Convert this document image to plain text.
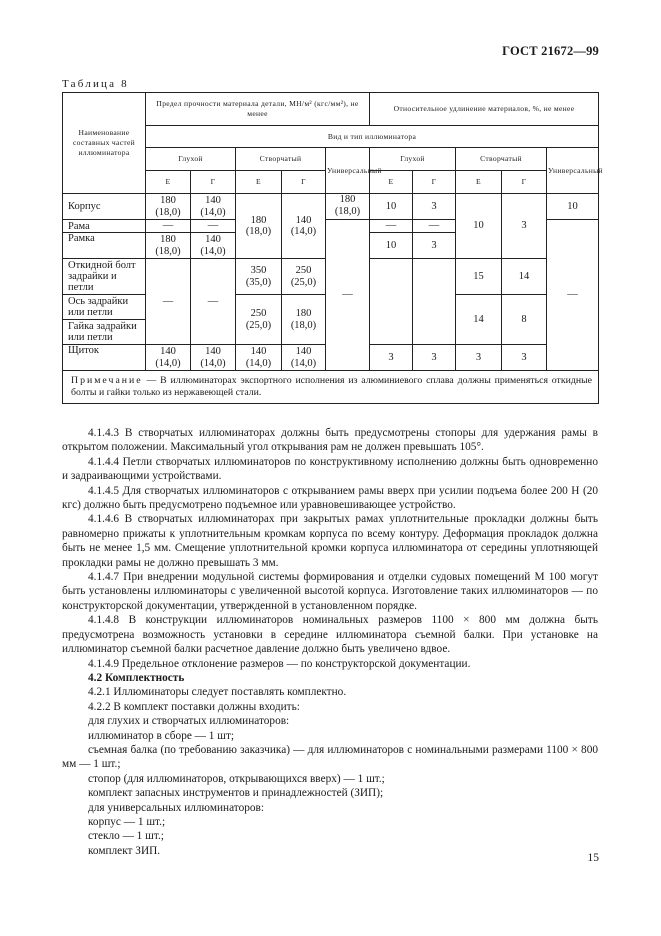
ГОСТ 21672—99
Таблица 8
Наименование составных частей иллюминатора	Предел прочности материала детали, МН/м² (кгс/мм²), не менее					Относительное удлинение материалов, %, не менее				
	Вид и тип иллюминатора									
	Глухой		Створчатый		Универсальный	Глухой		Створчатый		Универсальный
	Е	Г	Е	Г		Е	Г	Е	Г	
Корпус	180 (18,0)	140 (14,0)	180 (18,0)	140 (14,0)	180 (18,0)	10	3	10	3	10
Рама	—	—			—	—	—			—
Рамка	180 (18,0)	140 (14,0)				10	3			
Откидной болт задрайки и петли	—	—	350 (35,0)	250 (25,0)				15	14	
Ось задрайки или петли			250 (25,0)	180 (18,0)				14	8	
Гайка задрайки или петли										
Щиток	140 (14,0)	140 (14,0)	140 (14,0)	140 (14,0)		3	3	3	3	
Примечание — В иллюминаторах экспортного исполнения из алюминиевого сплава должны применяться откидные болты и гайки только из нержавеющей стали.										

4.1.4.3 В створчатых иллюминаторах должны быть предусмотрены стопоры для удержания рамы в открытом положении. Максимальный угол открывания рам не должен превышать 105°.

4.1.4.4 Петли створчатых иллюминаторов по конструктивному исполнению должны быть одновременно и задраивающими устройствами.

4.1.4.5 Для створчатых иллюминаторов с открыванием рамы вверх при усилии подъема более 200 Н (20 кгс) должно быть предусмотрено подъемное или уравновешивающее устройство.

4.1.4.6 В створчатых иллюминаторах при закрытых рамах уплотнительные прокладки должны быть равномерно прижаты к уплотнительным кромкам корпуса по всему контуру. Деформация прокладок должна быть не менее 1,5 мм. Смещение уплотнительной кромки корпуса иллюминатора от середины уплотняющей прокладки рамы не должно превышать 3 мм.

4.1.4.7 При внедрении модульной системы формирования и отделки судовых помещений М 100 могут быть установлены иллюминаторы с увеличенной высотой корпуса. Изготовление таких иллюминаторов — по конструкторской документации, утвержденной в установленном порядке.

4.1.4.8 В конструкции иллюминаторов номинальных размеров 1100 × 800 мм должна быть предусмотрена возможность установки в середине иллюминатора съемной балки. При установке на иллюминатор съемной балки расчетное давление должно быть увеличено вдвое.

4.1.4.9 Предельное отклонение размеров — по конструкторской документации.

4.2 Комплектность

4.2.1 Иллюминаторы следует поставлять комплектно.

4.2.2 В комплект поставки должны входить:

для глухих и створчатых иллюминаторов:

иллюминатор в сборе — 1 шт;

съемная балка (по требованию заказчика) — для иллюминаторов с номинальными размерами 1100 × 800 мм — 1 шт.;

стопор (для иллюминаторов, открывающихся вверх) — 1 шт.;

комплект запасных инструментов и принадлежностей (ЗИП);

для универсальных иллюминаторов:

корпус — 1 шт.;

стекло — 1 шт.;

комплект ЗИП.

15
